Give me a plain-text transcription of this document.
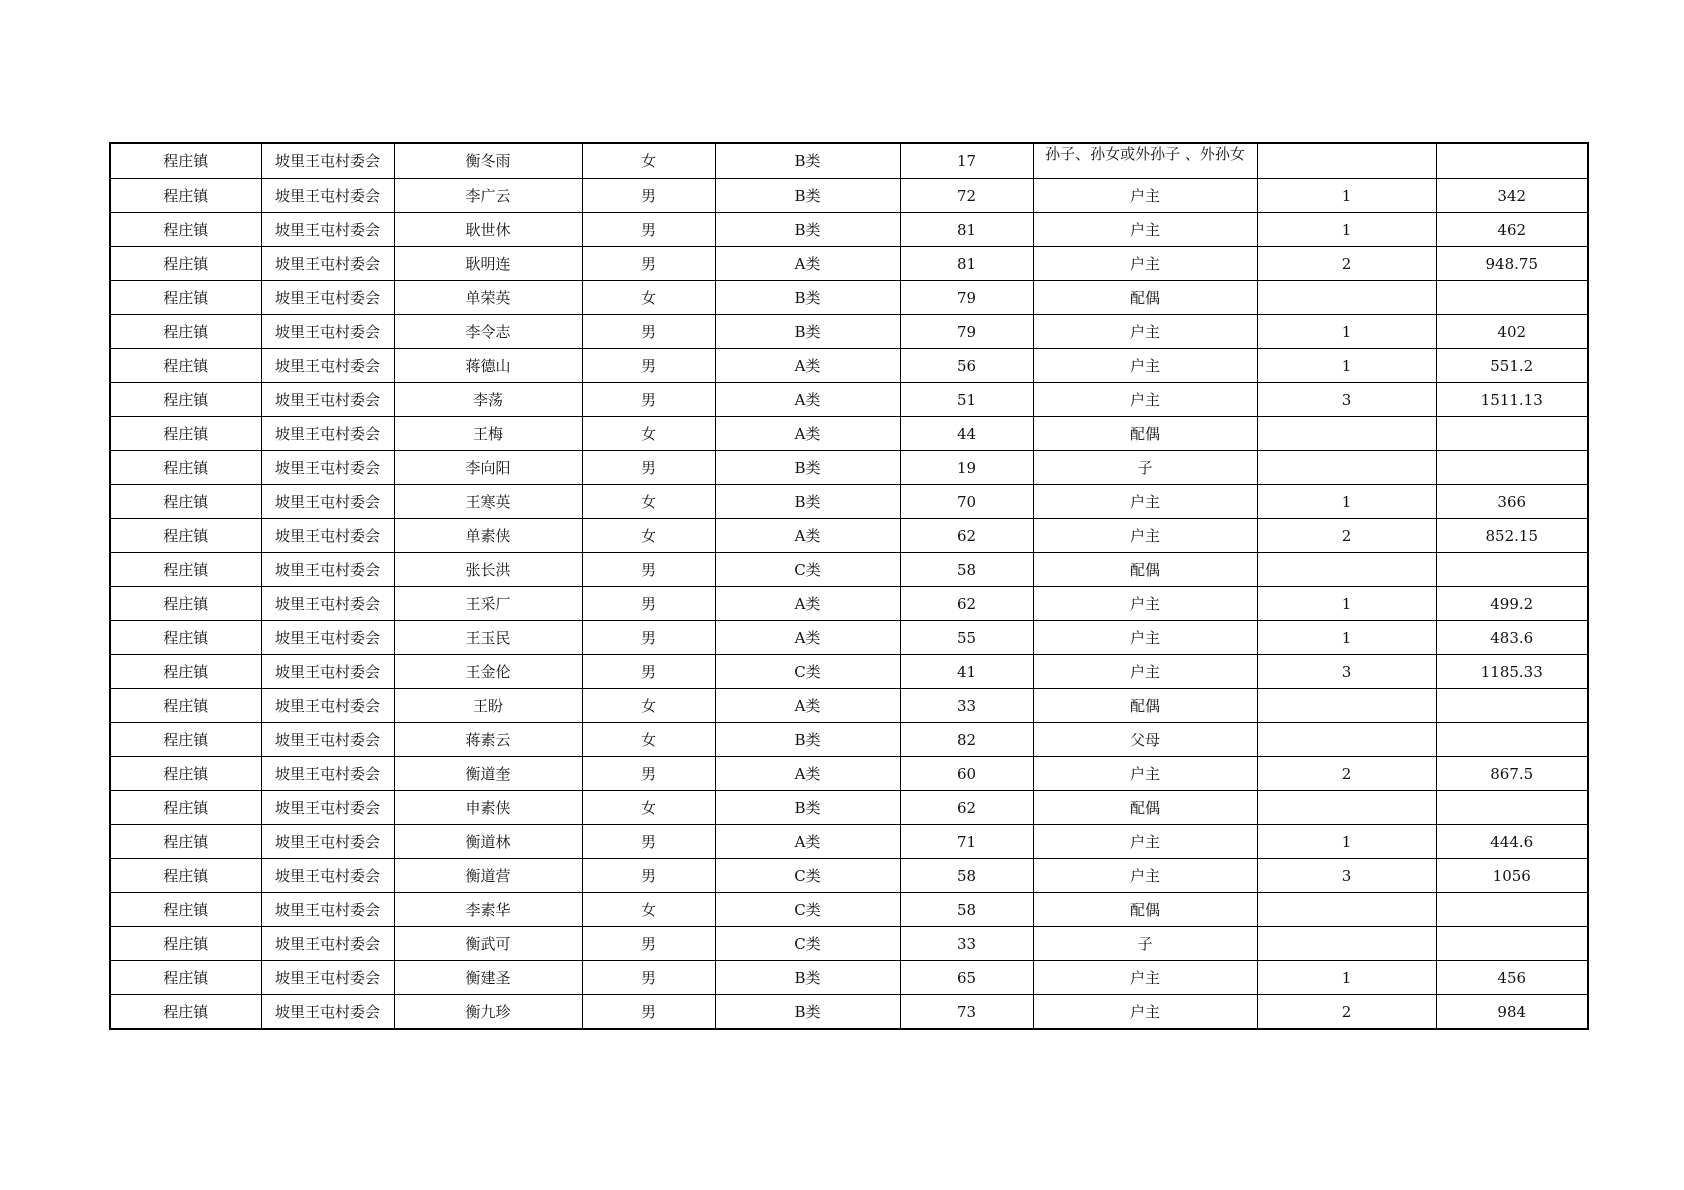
程庄镇	坡里王屯村委会	衡冬雨	女	B类	17	孙子、孙女或外孙子 、外孙女		
程庄镇	坡里王屯村委会	李广云	男	B类	72	户主	1	342
程庄镇	坡里王屯村委会	耿世休	男	B类	81	户主	1	462
程庄镇	坡里王屯村委会	耿明连	男	A类	81	户主	2	948.75
程庄镇	坡里王屯村委会	单荣英	女	B类	79	配偶		
程庄镇	坡里王屯村委会	李令志	男	B类	79	户主	1	402
程庄镇	坡里王屯村委会	蒋德山	男	A类	56	户主	1	551.2
程庄镇	坡里王屯村委会	李荡	男	A类	51	户主	3	1511.13
程庄镇	坡里王屯村委会	王梅	女	A类	44	配偶		
程庄镇	坡里王屯村委会	李向阳	男	B类	19	子		
程庄镇	坡里王屯村委会	王寒英	女	B类	70	户主	1	366
程庄镇	坡里王屯村委会	单素侠	女	A类	62	户主	2	852.15
程庄镇	坡里王屯村委会	张长洪	男	C类	58	配偶		
程庄镇	坡里王屯村委会	王采厂	男	A类	62	户主	1	499.2
程庄镇	坡里王屯村委会	王玉民	男	A类	55	户主	1	483.6
程庄镇	坡里王屯村委会	王金伦	男	C类	41	户主	3	1185.33
程庄镇	坡里王屯村委会	王盼	女	A类	33	配偶		
程庄镇	坡里王屯村委会	蒋素云	女	B类	82	父母		
程庄镇	坡里王屯村委会	衡道奎	男	A类	60	户主	2	867.5
程庄镇	坡里王屯村委会	申素侠	女	B类	62	配偶		
程庄镇	坡里王屯村委会	衡道林	男	A类	71	户主	1	444.6
程庄镇	坡里王屯村委会	衡道营	男	C类	58	户主	3	1056
程庄镇	坡里王屯村委会	李素华	女	C类	58	配偶		
程庄镇	坡里王屯村委会	衡武可	男	C类	33	子		
程庄镇	坡里王屯村委会	衡建圣	男	B类	65	户主	1	456
程庄镇	坡里王屯村委会	衡九珍	男	B类	73	户主	2	984
